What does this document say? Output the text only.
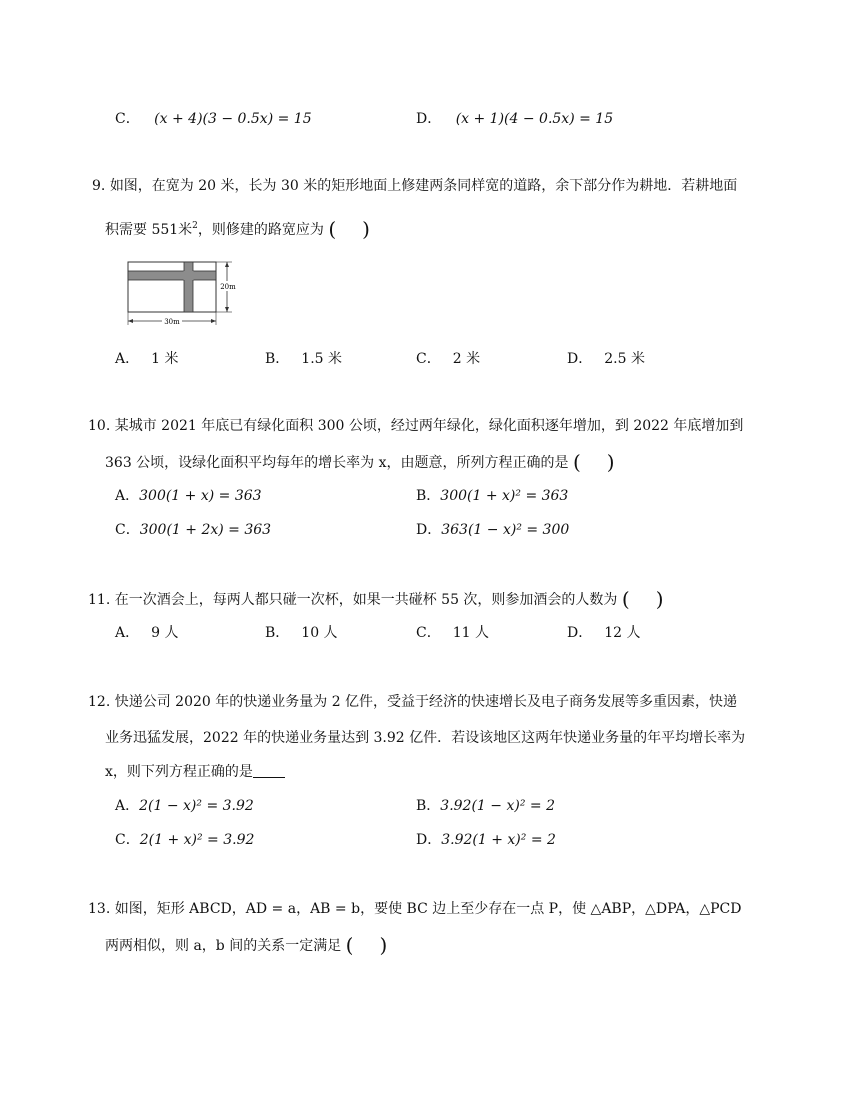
C． (x + 4)(3 − 0.5x) = 15	D． (x + 1)(4 − 0.5x) = 15
9. 如图，在宽为 20 米，长为 30 米的矩形地面上修建两条同样宽的道路，余下部分作为耕地．若耕地面
积需要 551米$^2$，则修建的路宽应为 ( )
20m
30m
A． 1 米	B． 1.5 米	C． 2 米	D． 2.5 米
10. 某城市 2021 年底已有绿化面积 300 公顷，经过两年绿化，绿化面积逐年增加，到 2022 年底增加到
363 公顷，设绿化面积平均每年的增长率为 x，由题意，所列方程正确的是 ( )
A．300(1 + x) = 363	B．300(1 + x)² = 363
C．300(1 + 2x) = 363	D．363(1 − x)² = 300
11. 在一次酒会上，每两人都只碰一次杯，如果一共碰杯 55 次，则参加酒会的人数为 ( )
A． 9 人	B． 10 人	C． 11 人	D． 12 人
12. 快递公司 2020 年的快递业务量为 2 亿件，受益于经济的快速增长及电子商务发展等多重因素，快递
业务迅猛发展，2022 年的快递业务量达到 3.92 亿件．若设该地区这两年快递业务量的年平均增长率为
x，则下列方程正确的是
A．2(1 − x)² = 3.92	B．3.92(1 − x)² = 2
C．2(1 + x)² = 3.92	D．3.92(1 + x)² = 2
13. 如图，矩形 ABCD，AD = a，AB = b，要使 BC 边上至少存在一点 P，使 △ABP，△DPA，△PCD
两两相似，则 a，b 间的关系一定满足 ( )
